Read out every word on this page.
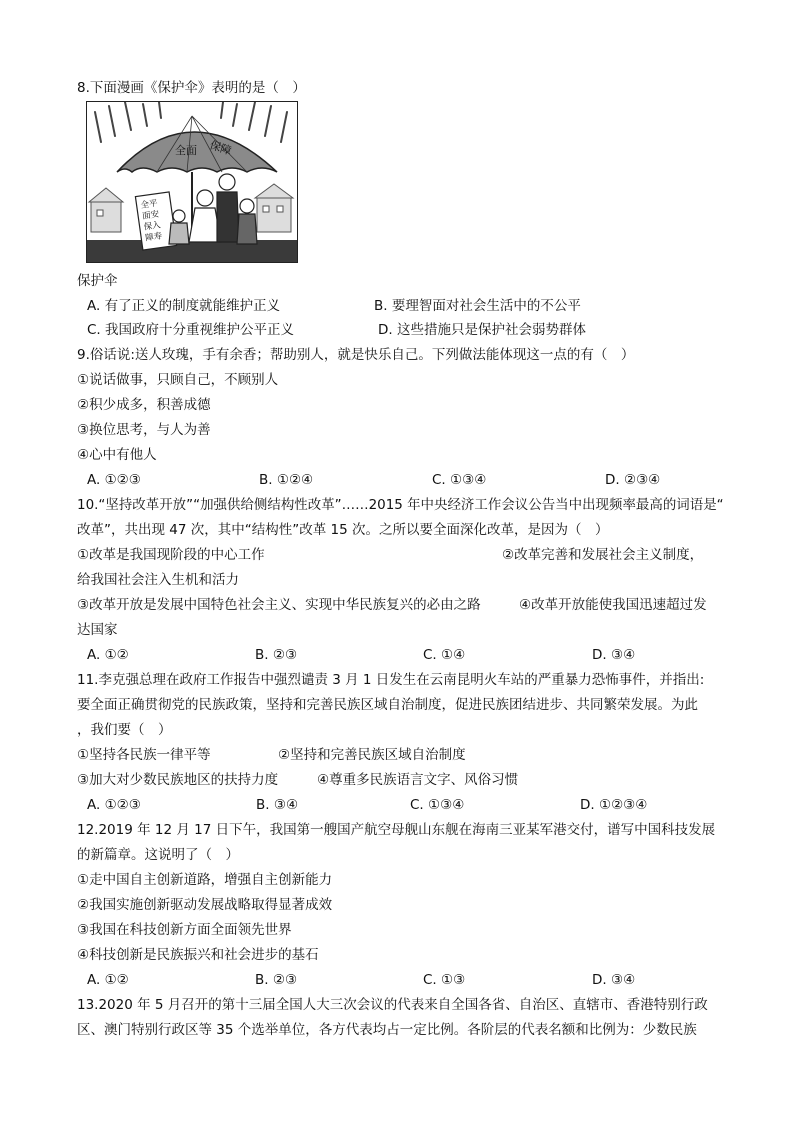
8.下面漫画《保护伞》表明的是（　）
全面 保障
全平
面安
保入
障寿
保护伞
A. 有了正义的制度就能维护正义	B. 要理智面对社会生活中的不公平
C. 我国政府十分重视维护公平正义	D. 这些措施只是保护社会弱势群体
9.俗话说:送人玫瑰，手有余香；帮助别人，就是快乐自己。下列做法能体现这一点的有（　）
①说话做事，只顾自己，不顾别人
②积少成多，积善成德
③换位思考，与人为善
④心中有他人
A. ①②③	B. ①②④	C. ①③④	D. ②③④
10.“坚持改革开放”“加强供给侧结构性改革”……2015 年中央经济工作会议公告当中出现频率最高的词语是“
改革”，共出现 47 次，其中“结构性”改革 15 次。之所以要全面深化改革，是因为（　）
①改革是我国现阶段的中心工作	②改革完善和发展社会主义制度，
给我国社会注入生机和活力
③改革开放是发展中国特色社会主义、实现中华民族复兴的必由之路	④改革开放能使我国迅速超过发
达国家
A. ①②	B. ②③	C. ①④	D. ③④
11.李克强总理在政府工作报告中强烈谴责 3 月 1 日发生在云南昆明火车站的严重暴力恐怖事件，并指出:
要全面正确贯彻党的民族政策，坚持和完善民族区域自治制度，促进民族团结进步、共同繁荣发展。为此
，我们要（　）
①坚持各民族一律平等	②坚持和完善民族区域自治制度
③加大对少数民族地区的扶持力度	④尊重多民族语言文字、风俗习惯
A. ①②③	B. ③④	C. ①③④	D. ①②③④
12.2019 年 12 月 17 日下午，我国第一艘国产航空母舰山东舰在海南三亚某军港交付，谱写中国科技发展
的新篇章。这说明了（　）
①走中国自主创新道路，增强自主创新能力
②我国实施创新驱动发展战略取得显著成效
③我国在科技创新方面全面领先世界
④科技创新是民族振兴和社会进步的基石
A. ①②	B. ②③	C. ①③	D. ③④
13.2020 年 5 月召开的第十三届全国人大三次会议的代表来自全国各省、自治区、直辖市、香港特别行政
区、澳门特别行政区等 35 个选举单位，各方代表均占一定比例。各阶层的代表名额和比例为：少数民族
